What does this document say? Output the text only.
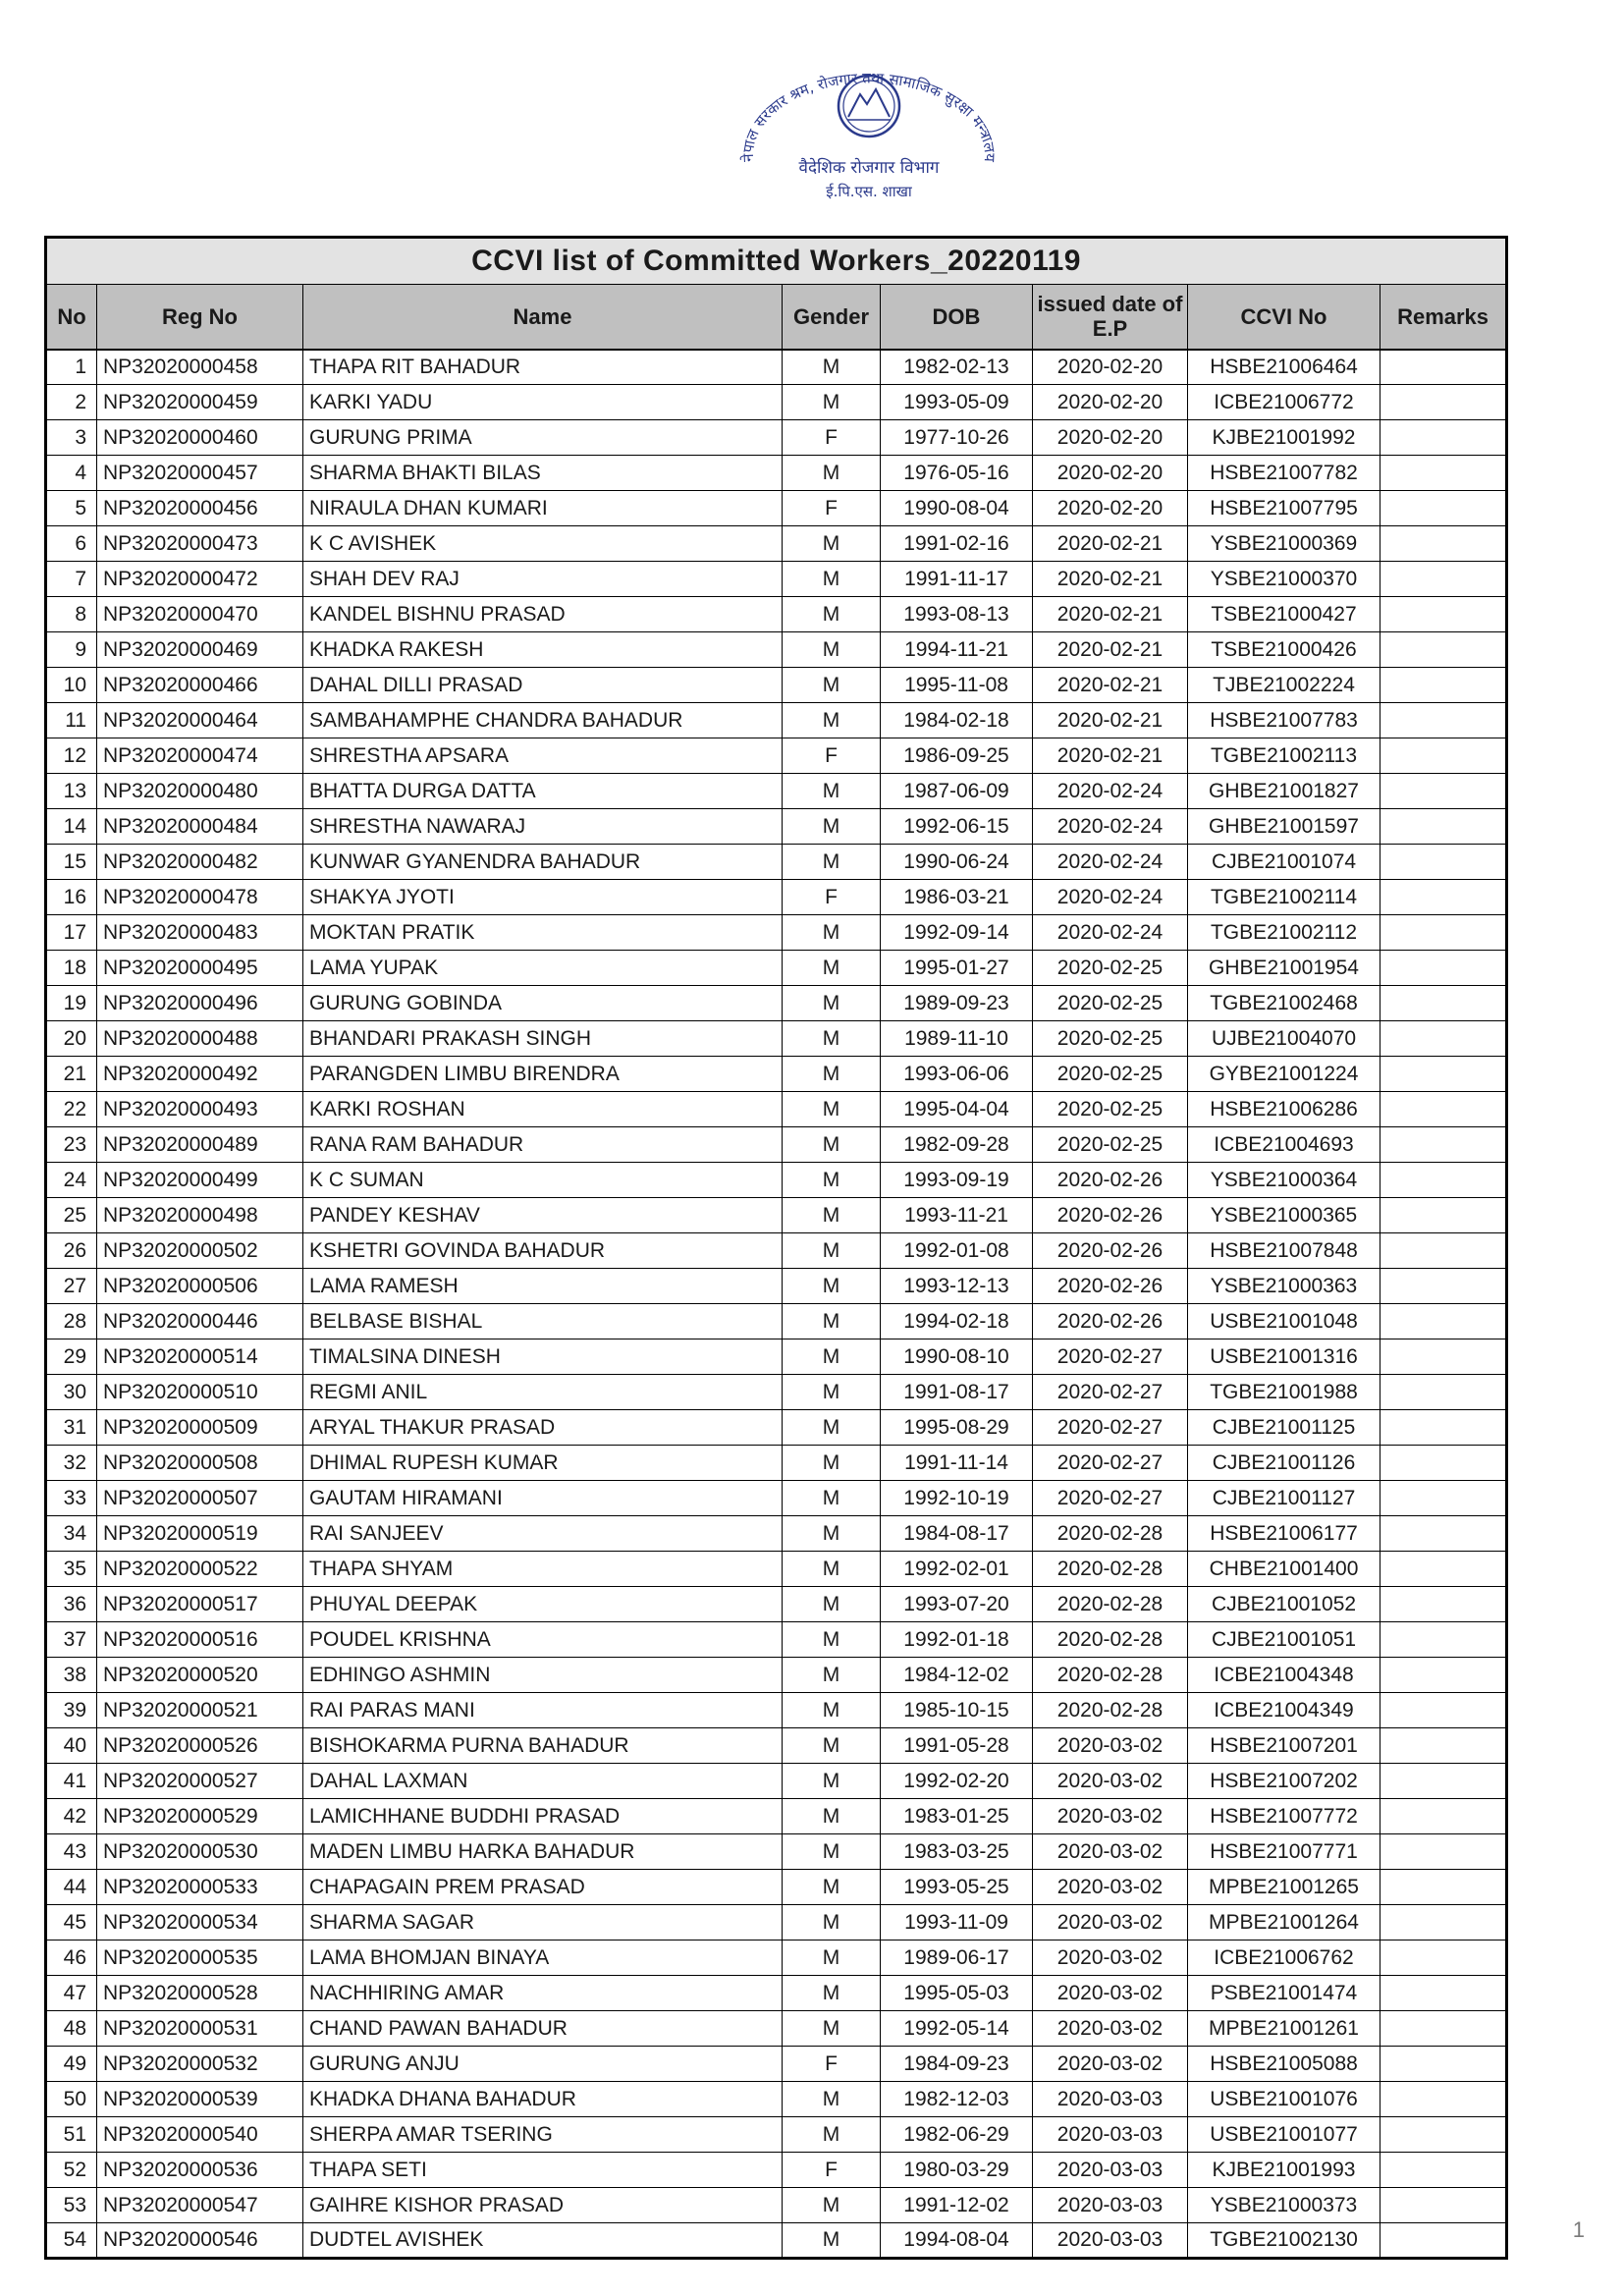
नेपाल सरकार श्रम, रोजगार तथा सामाजिक सुरक्षा मन्त्रालय
वैदेशिक रोजगार विभाग
ई.पि.एस. शाखा
CCVI list of Committed Workers_20220119							
No	Reg No	Name	Gender	DOB	issued date of E.P	CCVI No	Remarks
1	NP32020000458	THAPA RIT BAHADUR	M	1982-02-13	2020-02-20	HSBE21006464	
2	NP32020000459	KARKI YADU	M	1993-05-09	2020-02-20	ICBE21006772	
3	NP32020000460	GURUNG PRIMA	F	1977-10-26	2020-02-20	KJBE21001992	
4	NP32020000457	SHARMA BHAKTI BILAS	M	1976-05-16	2020-02-20	HSBE21007782	
5	NP32020000456	NIRAULA DHAN KUMARI	F	1990-08-04	2020-02-20	HSBE21007795	
6	NP32020000473	K C AVISHEK	M	1991-02-16	2020-02-21	YSBE21000369	
7	NP32020000472	SHAH DEV RAJ	M	1991-11-17	2020-02-21	YSBE21000370	
8	NP32020000470	KANDEL BISHNU PRASAD	M	1993-08-13	2020-02-21	TSBE21000427	
9	NP32020000469	KHADKA RAKESH	M	1994-11-21	2020-02-21	TSBE21000426	
10	NP32020000466	DAHAL DILLI PRASAD	M	1995-11-08	2020-02-21	TJBE21002224	
11	NP32020000464	SAMBAHAMPHE CHANDRA BAHADUR	M	1984-02-18	2020-02-21	HSBE21007783	
12	NP32020000474	SHRESTHA APSARA	F	1986-09-25	2020-02-21	TGBE21002113	
13	NP32020000480	BHATTA DURGA DATTA	M	1987-06-09	2020-02-24	GHBE21001827	
14	NP32020000484	SHRESTHA NAWARAJ	M	1992-06-15	2020-02-24	GHBE21001597	
15	NP32020000482	KUNWAR GYANENDRA BAHADUR	M	1990-06-24	2020-02-24	CJBE21001074	
16	NP32020000478	SHAKYA JYOTI	F	1986-03-21	2020-02-24	TGBE21002114	
17	NP32020000483	MOKTAN PRATIK	M	1992-09-14	2020-02-24	TGBE21002112	
18	NP32020000495	LAMA YUPAK	M	1995-01-27	2020-02-25	GHBE21001954	
19	NP32020000496	GURUNG GOBINDA	M	1989-09-23	2020-02-25	TGBE21002468	
20	NP32020000488	BHANDARI PRAKASH SINGH	M	1989-11-10	2020-02-25	UJBE21004070	
21	NP32020000492	PARANGDEN LIMBU BIRENDRA	M	1993-06-06	2020-02-25	GYBE21001224	
22	NP32020000493	KARKI ROSHAN	M	1995-04-04	2020-02-25	HSBE21006286	
23	NP32020000489	RANA RAM BAHADUR	M	1982-09-28	2020-02-25	ICBE21004693	
24	NP32020000499	K C SUMAN	M	1993-09-19	2020-02-26	YSBE21000364	
25	NP32020000498	PANDEY KESHAV	M	1993-11-21	2020-02-26	YSBE21000365	
26	NP32020000502	KSHETRI GOVINDA BAHADUR	M	1992-01-08	2020-02-26	HSBE21007848	
27	NP32020000506	LAMA RAMESH	M	1993-12-13	2020-02-26	YSBE21000363	
28	NP32020000446	BELBASE BISHAL	M	1994-02-18	2020-02-26	USBE21001048	
29	NP32020000514	TIMALSINA DINESH	M	1990-08-10	2020-02-27	USBE21001316	
30	NP32020000510	REGMI ANIL	M	1991-08-17	2020-02-27	TGBE21001988	
31	NP32020000509	ARYAL THAKUR PRASAD	M	1995-08-29	2020-02-27	CJBE21001125	
32	NP32020000508	DHIMAL RUPESH KUMAR	M	1991-11-14	2020-02-27	CJBE21001126	
33	NP32020000507	GAUTAM HIRAMANI	M	1992-10-19	2020-02-27	CJBE21001127	
34	NP32020000519	RAI SANJEEV	M	1984-08-17	2020-02-28	HSBE21006177	
35	NP32020000522	THAPA SHYAM	M	1992-02-01	2020-02-28	CHBE21001400	
36	NP32020000517	PHUYAL DEEPAK	M	1993-07-20	2020-02-28	CJBE21001052	
37	NP32020000516	POUDEL KRISHNA	M	1992-01-18	2020-02-28	CJBE21001051	
38	NP32020000520	EDHINGO ASHMIN	M	1984-12-02	2020-02-28	ICBE21004348	
39	NP32020000521	RAI PARAS MANI	M	1985-10-15	2020-02-28	ICBE21004349	
40	NP32020000526	BISHOKARMA PURNA BAHADUR	M	1991-05-28	2020-03-02	HSBE21007201	
41	NP32020000527	DAHAL LAXMAN	M	1992-02-20	2020-03-02	HSBE21007202	
42	NP32020000529	LAMICHHANE BUDDHI PRASAD	M	1983-01-25	2020-03-02	HSBE21007772	
43	NP32020000530	MADEN LIMBU HARKA BAHADUR	M	1983-03-25	2020-03-02	HSBE21007771	
44	NP32020000533	CHAPAGAIN PREM PRASAD	M	1993-05-25	2020-03-02	MPBE21001265	
45	NP32020000534	SHARMA SAGAR	M	1993-11-09	2020-03-02	MPBE21001264	
46	NP32020000535	LAMA BHOMJAN BINAYA	M	1989-06-17	2020-03-02	ICBE21006762	
47	NP32020000528	NACHHIRING AMAR	M	1995-05-03	2020-03-02	PSBE21001474	
48	NP32020000531	CHAND PAWAN BAHADUR	M	1992-05-14	2020-03-02	MPBE21001261	
49	NP32020000532	GURUNG ANJU	F	1984-09-23	2020-03-02	HSBE21005088	
50	NP32020000539	KHADKA DHANA BAHADUR	M	1982-12-03	2020-03-03	USBE21001076	
51	NP32020000540	SHERPA AMAR TSERING	M	1982-06-29	2020-03-03	USBE21001077	
52	NP32020000536	THAPA SETI	F	1980-03-29	2020-03-03	KJBE21001993	
53	NP32020000547	GAIHRE KISHOR PRASAD	M	1991-12-02	2020-03-03	YSBE21000373	
54	NP32020000546	DUDTEL AVISHEK	M	1994-08-04	2020-03-03	TGBE21002130		1
